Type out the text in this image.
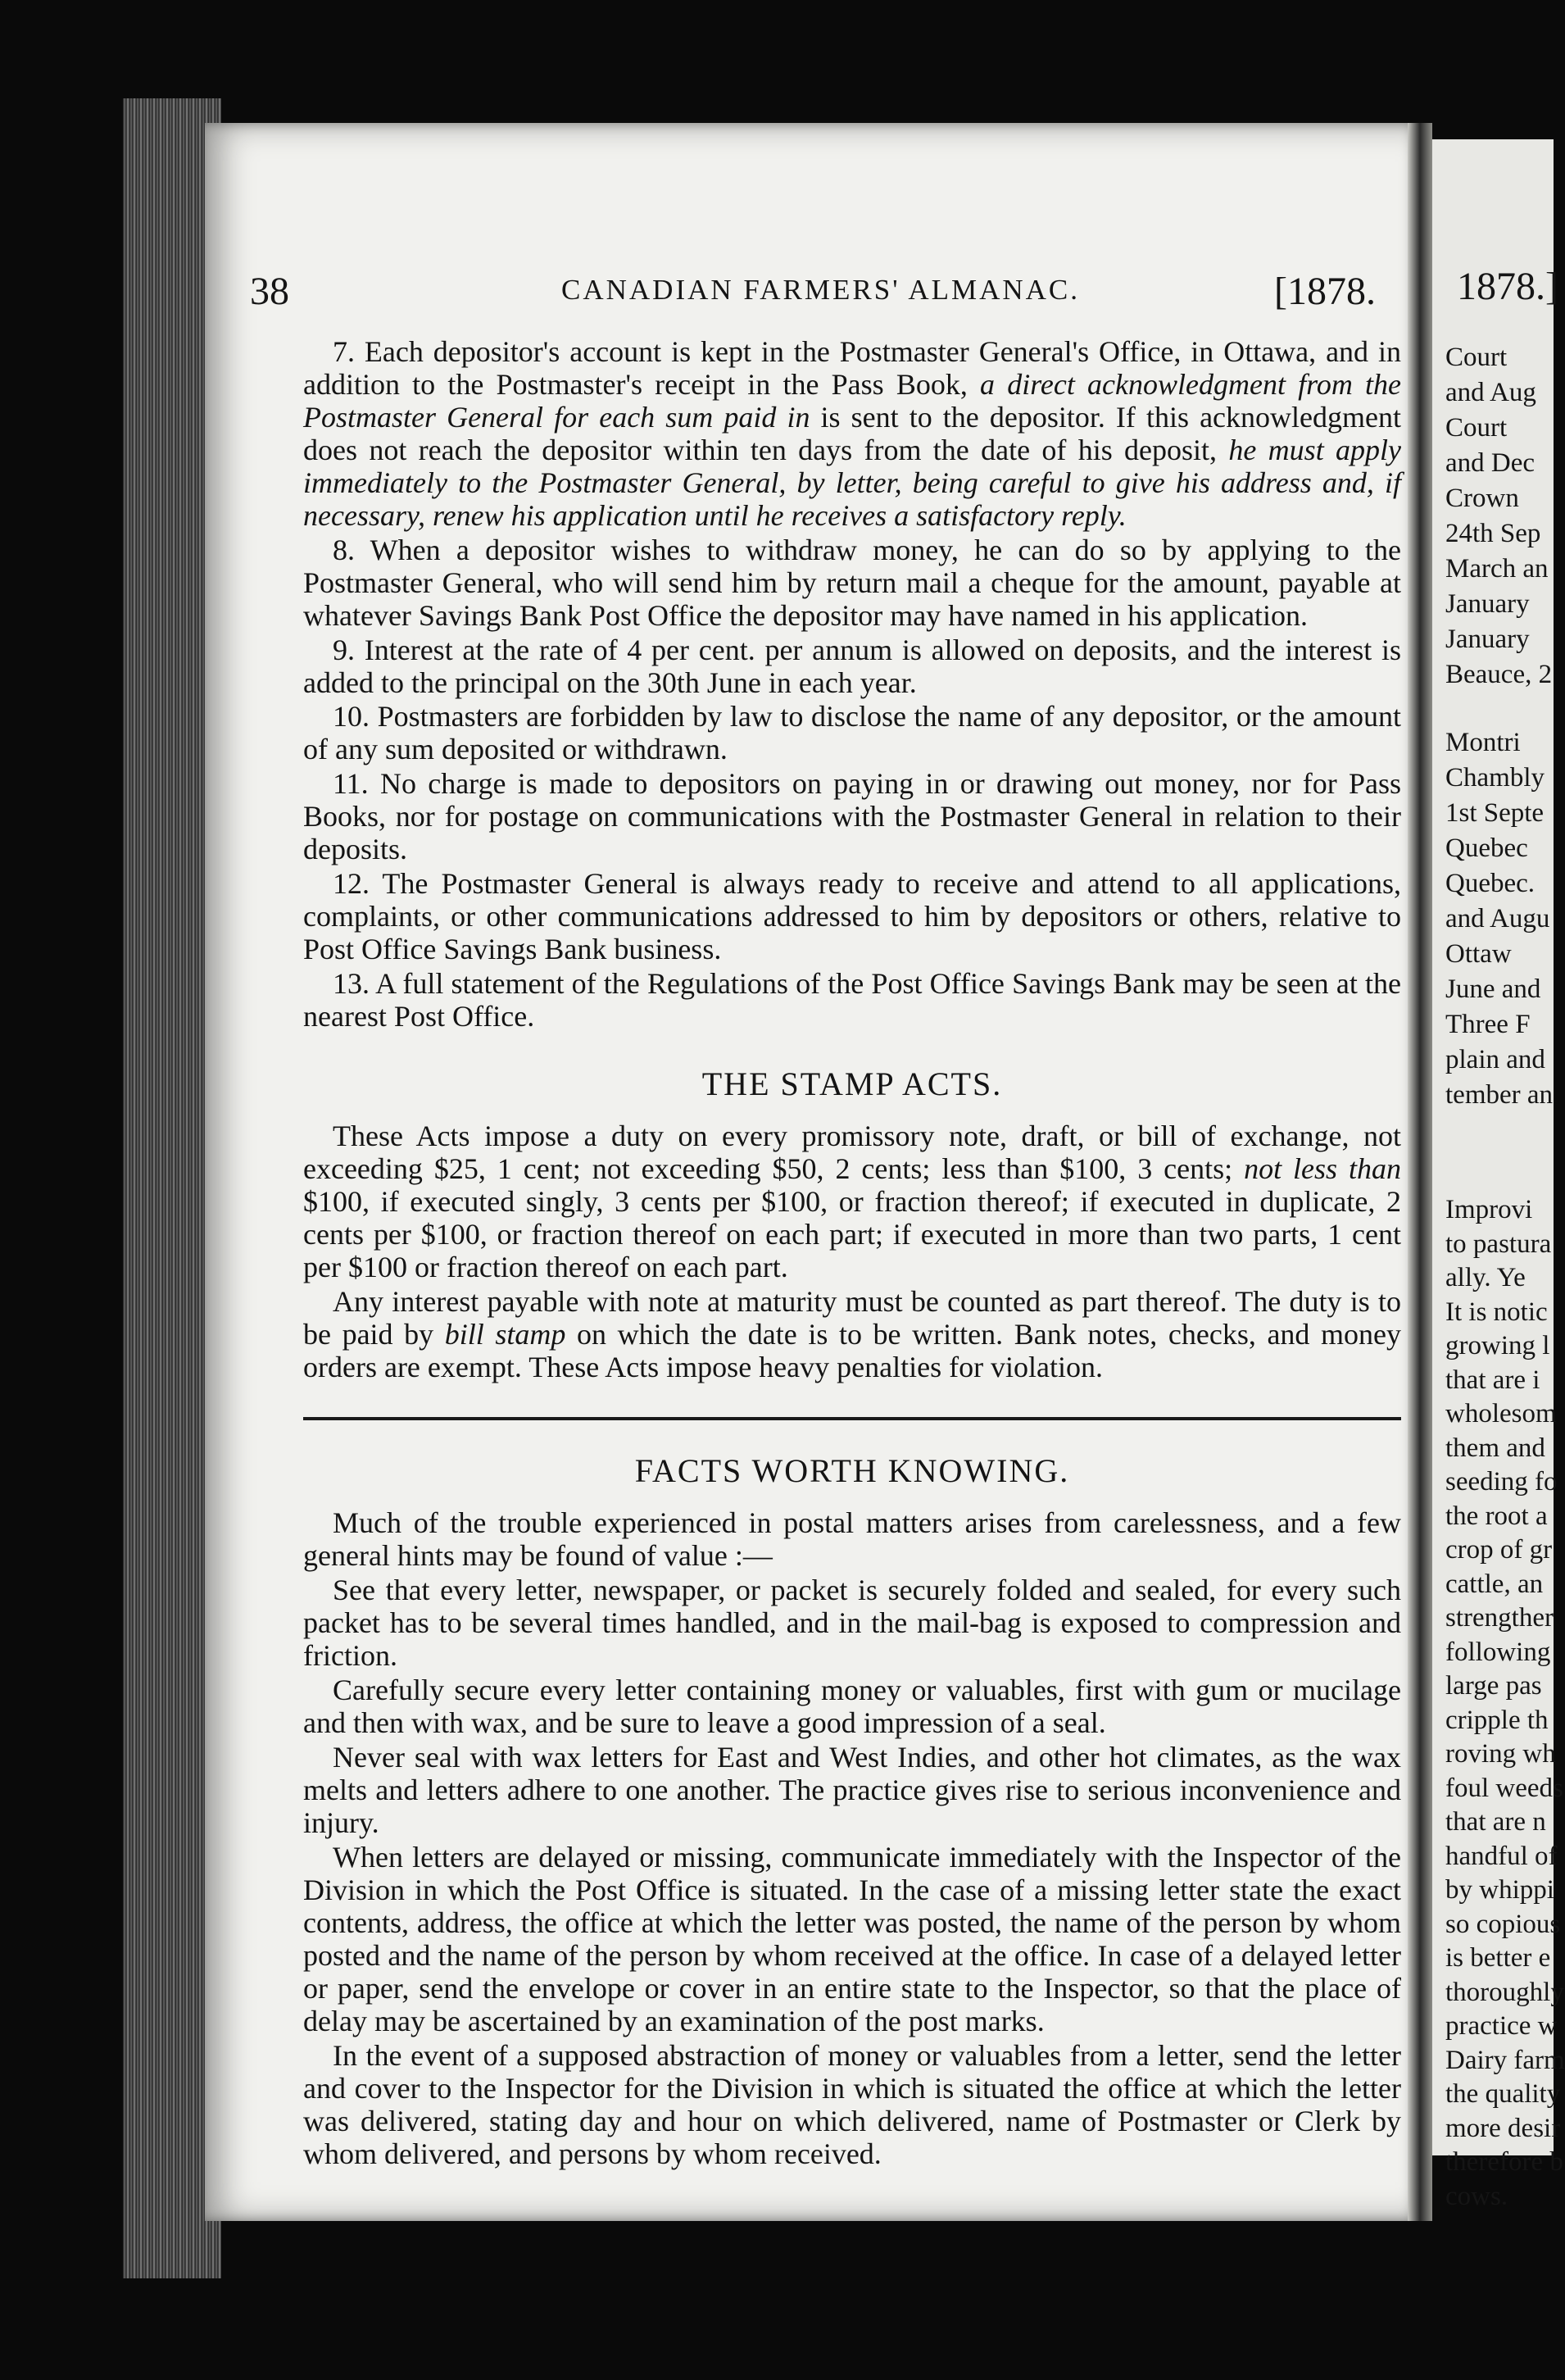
1878.]
Court
and Aug
Court
and Dec
Crown
24th Sep
March an
January
January
Beauce, 2
Montri
Chambly
1st Septe
Quebec
Quebec.
and Augu
Ottaw
June and
Three F
plain and
tember an
Improvi
to pastura
ally. Ye
It is notic
growing l
that are i
wholesom
them and
seeding fo
the root a
crop of gr
cattle, an
strengther
following
large pas
cripple th
roving wh
foul weeds
that are n
handful of
by whippi
so copious
is better e
thoroughly
practice w
Dairy farm
the quality
more desir
therefore b
cows.
38	CANADIAN FARMERS' ALMANAC.	[1878.

7. Each depositor's account is kept in the Postmaster General's Office, in Ottawa, and in addition to the Postmaster's receipt in the Pass Book, a direct acknowledgment from the Postmaster General for each sum paid in is sent to the depositor. If this acknowledgment does not reach the depositor within ten days from the date of his deposit, he must apply immediately to the Postmaster General, by letter, being careful to give his address and, if necessary, renew his application until he receives a satisfactory reply.

8. When a depositor wishes to withdraw money, he can do so by applying to the Postmaster General, who will send him by return mail a cheque for the amount, payable at whatever Savings Bank Post Office the depositor may have named in his application.

9. Interest at the rate of 4 per cent. per annum is allowed on deposits, and the interest is added to the principal on the 30th June in each year.

10. Postmasters are forbidden by law to disclose the name of any depositor, or the amount of any sum deposited or withdrawn.

11. No charge is made to depositors on paying in or drawing out money, nor for Pass Books, nor for postage on communications with the Postmaster General in relation to their deposits.

12. The Postmaster General is always ready to receive and attend to all applications, complaints, or other communications addressed to him by depositors or others, relative to Post Office Savings Bank business.

13. A full statement of the Regulations of the Post Office Savings Bank may be seen at the nearest Post Office.

THE STAMP ACTS.

These Acts impose a duty on every promissory note, draft, or bill of exchange, not exceeding $25, 1 cent; not exceeding $50, 2 cents; less than $100, 3 cents; not less than $100, if executed singly, 3 cents per $100, or fraction thereof; if executed in duplicate, 2 cents per $100, or fraction thereof on each part; if executed in more than two parts, 1 cent per $100 or fraction thereof on each part.

Any interest payable with note at maturity must be counted as part thereof. The duty is to be paid by bill stamp on which the date is to be written. Bank notes, checks, and money orders are exempt. These Acts impose heavy penalties for violation.

FACTS WORTH KNOWING.

Much of the trouble experienced in postal matters arises from carelessness, and a few general hints may be found of value :—

See that every letter, newspaper, or packet is securely folded and sealed, for every such packet has to be several times handled, and in the mail-bag is exposed to compression and friction.

Carefully secure every letter containing money or valuables, first with gum or mucilage and then with wax, and be sure to leave a good impression of a seal.

Never seal with wax letters for East and West Indies, and other hot climates, as the wax melts and letters adhere to one another. The practice gives rise to serious inconvenience and injury.

When letters are delayed or missing, communicate immediately with the Inspector of the Division in which the Post Office is situated. In the case of a missing letter state the exact contents, address, the office at which the letter was posted, the name of the person by whom posted and the name of the person by whom received at the office. In case of a delayed letter or paper, send the envelope or cover in an entire state to the Inspector, so that the place of delay may be ascertained by an examination of the post marks.

In the event of a supposed abstraction of money or valuables from a letter, send the letter and cover to the Inspector for the Division in which is situated the office at which the letter was delivered, stating day and hour on which delivered, name of Postmaster or Clerk by whom delivered, and persons by whom received.
